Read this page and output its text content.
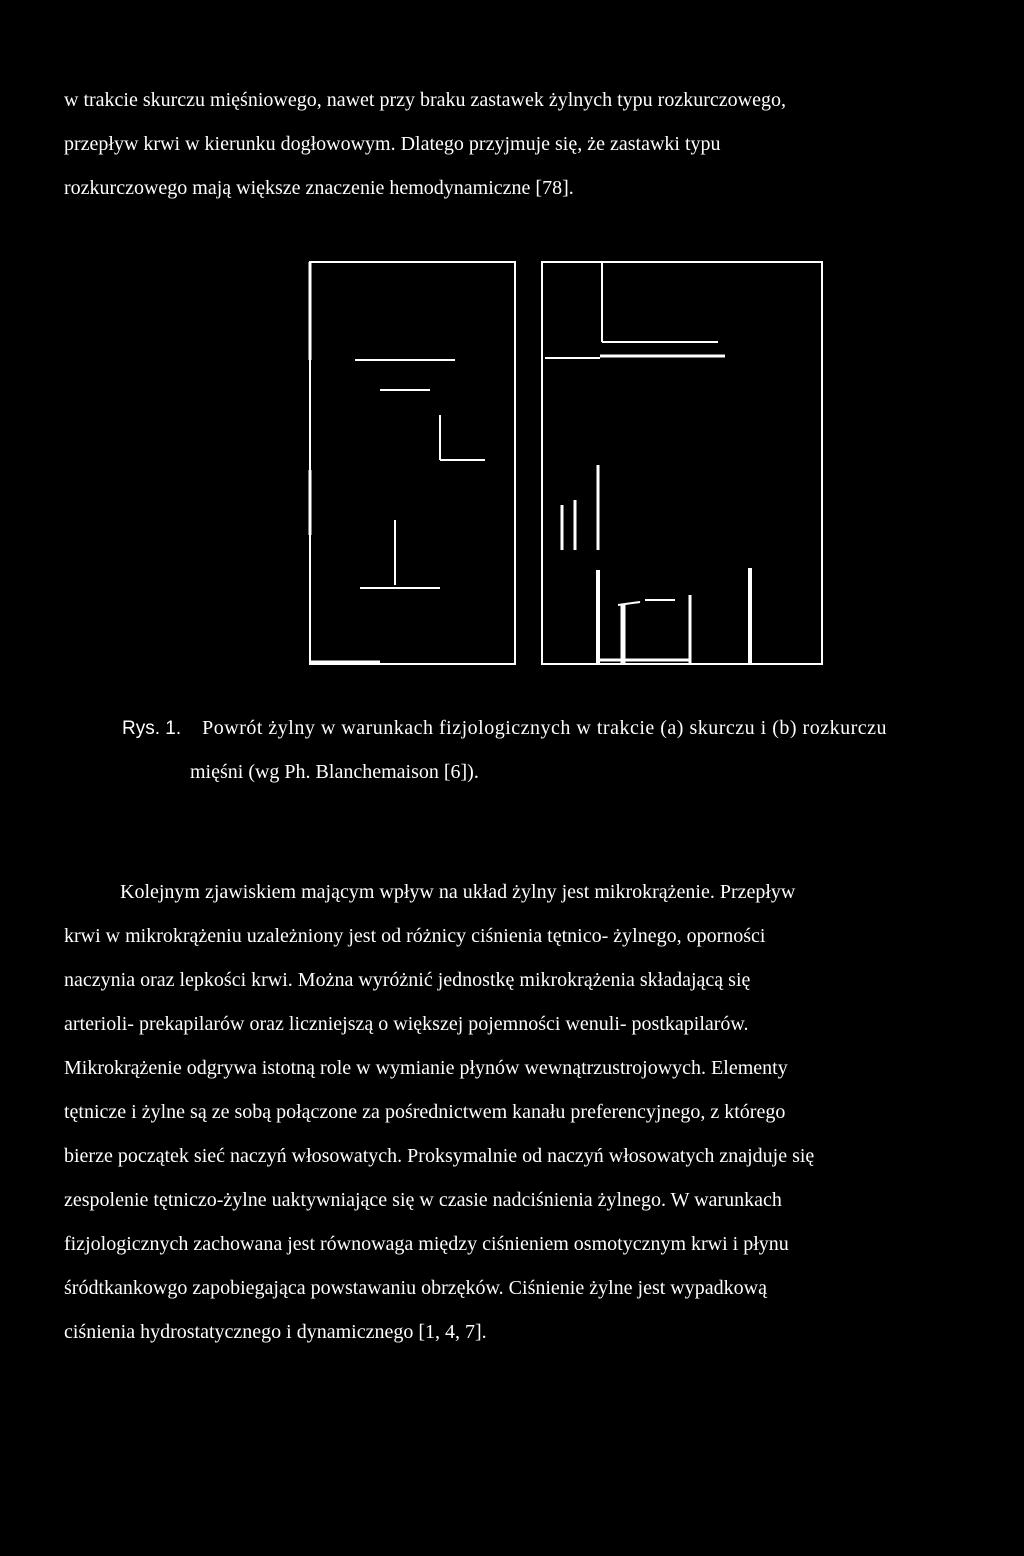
w trakcie skurczu mięśniowego, nawet przy braku zastawek żylnych typu rozkurczowego,
przepływ krwi w kierunku dogłowowym. Dlatego przyjmuje się, że zastawki typu
rozkurczowego mają większe znaczenie hemodynamiczne [78].
Rys. 1. Powrót żylny w warunkach fizjologicznych w trakcie (a) skurczu i (b) rozkurczu
mięśni (wg Ph. Blanchemaison [6]).
Kolejnym zjawiskiem mającym wpływ na układ żylny jest mikrokrążenie. Przepływ
krwi w mikrokrążeniu uzależniony jest od różnicy ciśnienia tętnico- żylnego, oporności
naczynia oraz lepkości krwi. Można wyróżnić jednostkę mikrokrążenia składającą się
arterioli- prekapilarów oraz liczniejszą o większej pojemności wenuli- postkapilarów.
Mikrokrążenie odgrywa istotną role w wymianie płynów wewnątrzustrojowych. Elementy
tętnicze i żylne są ze sobą połączone za pośrednictwem kanału preferencyjnego, z którego
bierze początek sieć naczyń włosowatych. Proksymalnie od naczyń włosowatych znajduje się
zespolenie tętniczo-żylne uaktywniające się w czasie nadciśnienia żylnego. W warunkach
fizjologicznych zachowana jest równowaga między ciśnieniem osmotycznym krwi i płynu
śródtkankowgo zapobiegająca powstawaniu obrzęków. Ciśnienie żylne jest wypadkową
ciśnienia hydrostatycznego i dynamicznego [1, 4, 7].
